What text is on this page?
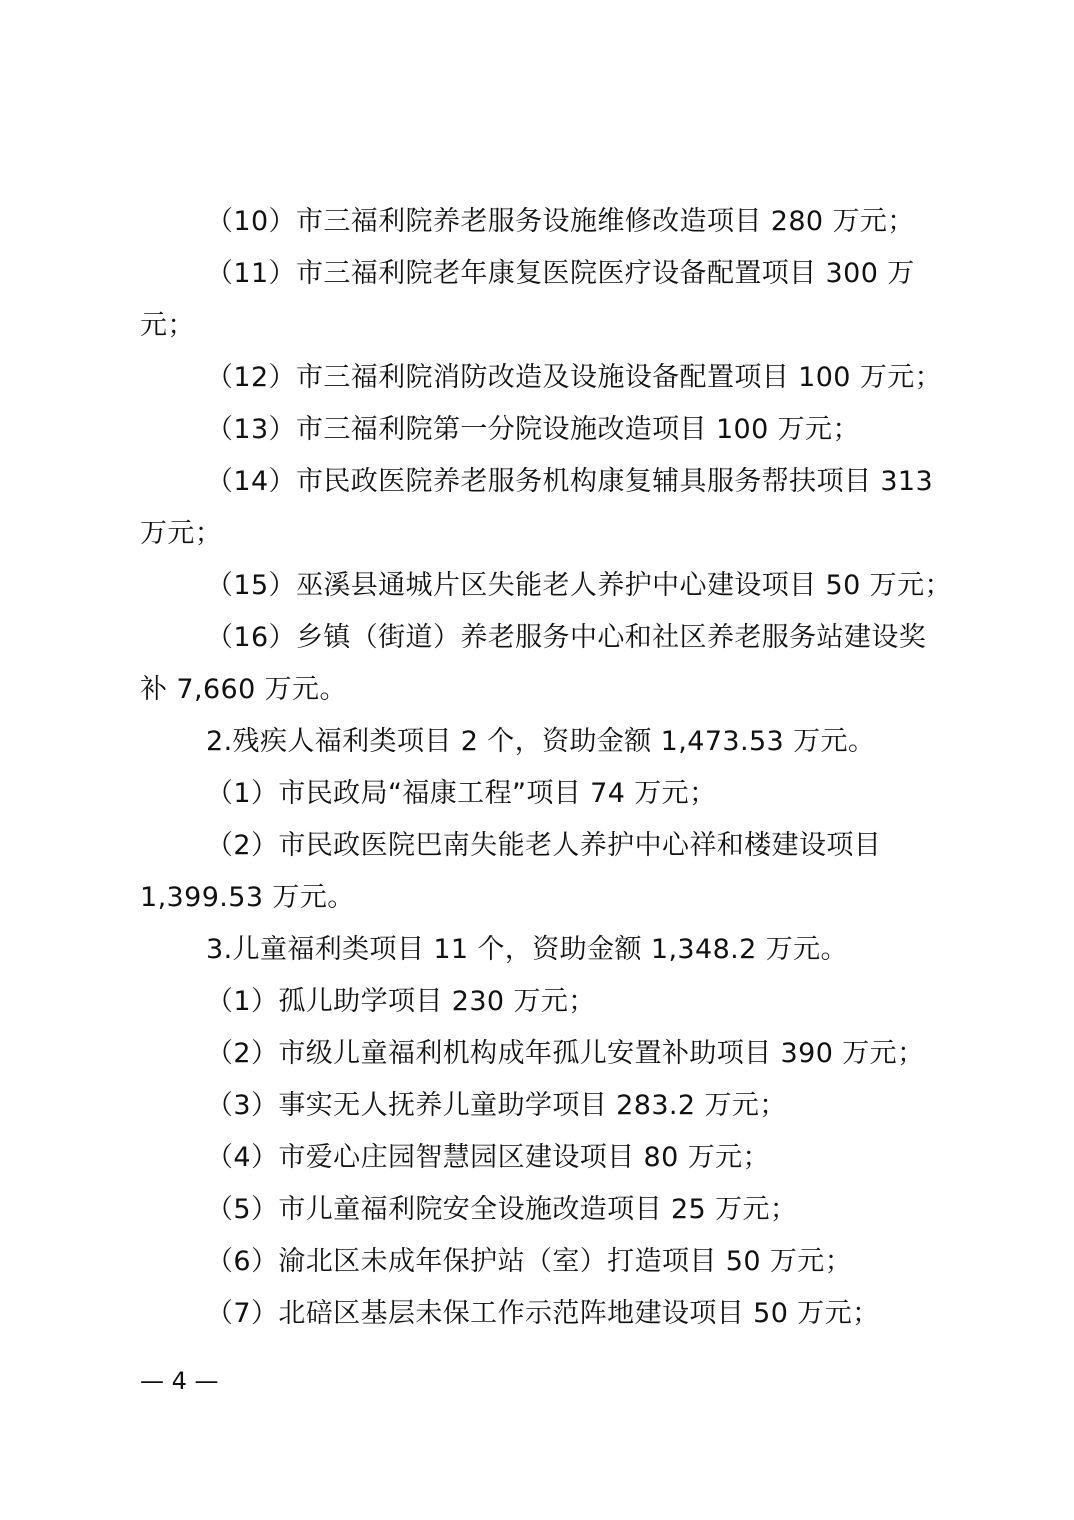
（10）市三福利院养老服务设施维修改造项目 280 万元；
（11）市三福利院老年康复医院医疗设备配置项目 300 万
元；
（12）市三福利院消防改造及设施设备配置项目 100 万元；
（13）市三福利院第一分院设施改造项目 100 万元；
（14）市民政医院养老服务机构康复辅具服务帮扶项目 313
万元；
（15）巫溪县通城片区失能老人养护中心建设项目 50 万元；
（16）乡镇（街道）养老服务中心和社区养老服务站建设奖
补 7,660 万元。
2.残疾人福利类项目 2 个，资助金额 1,473.53 万元。
（1）市民政局“福康工程”项目 74 万元；
（2）市民政医院巴南失能老人养护中心祥和楼建设项目
1,399.53 万元。
3.儿童福利类项目 11 个，资助金额 1,348.2 万元。
（1）孤儿助学项目 230 万元；
（2）市级儿童福利机构成年孤儿安置补助项目 390 万元；
（3）事实无人抚养儿童助学项目 283.2 万元；
（4）市爱心庄园智慧园区建设项目 80 万元；
（5）市儿童福利院安全设施改造项目 25 万元；
（6）渝北区未成年保护站（室）打造项目 50 万元；
（7）北碚区基层未保工作示范阵地建设项目 50 万元；
— 4 —
